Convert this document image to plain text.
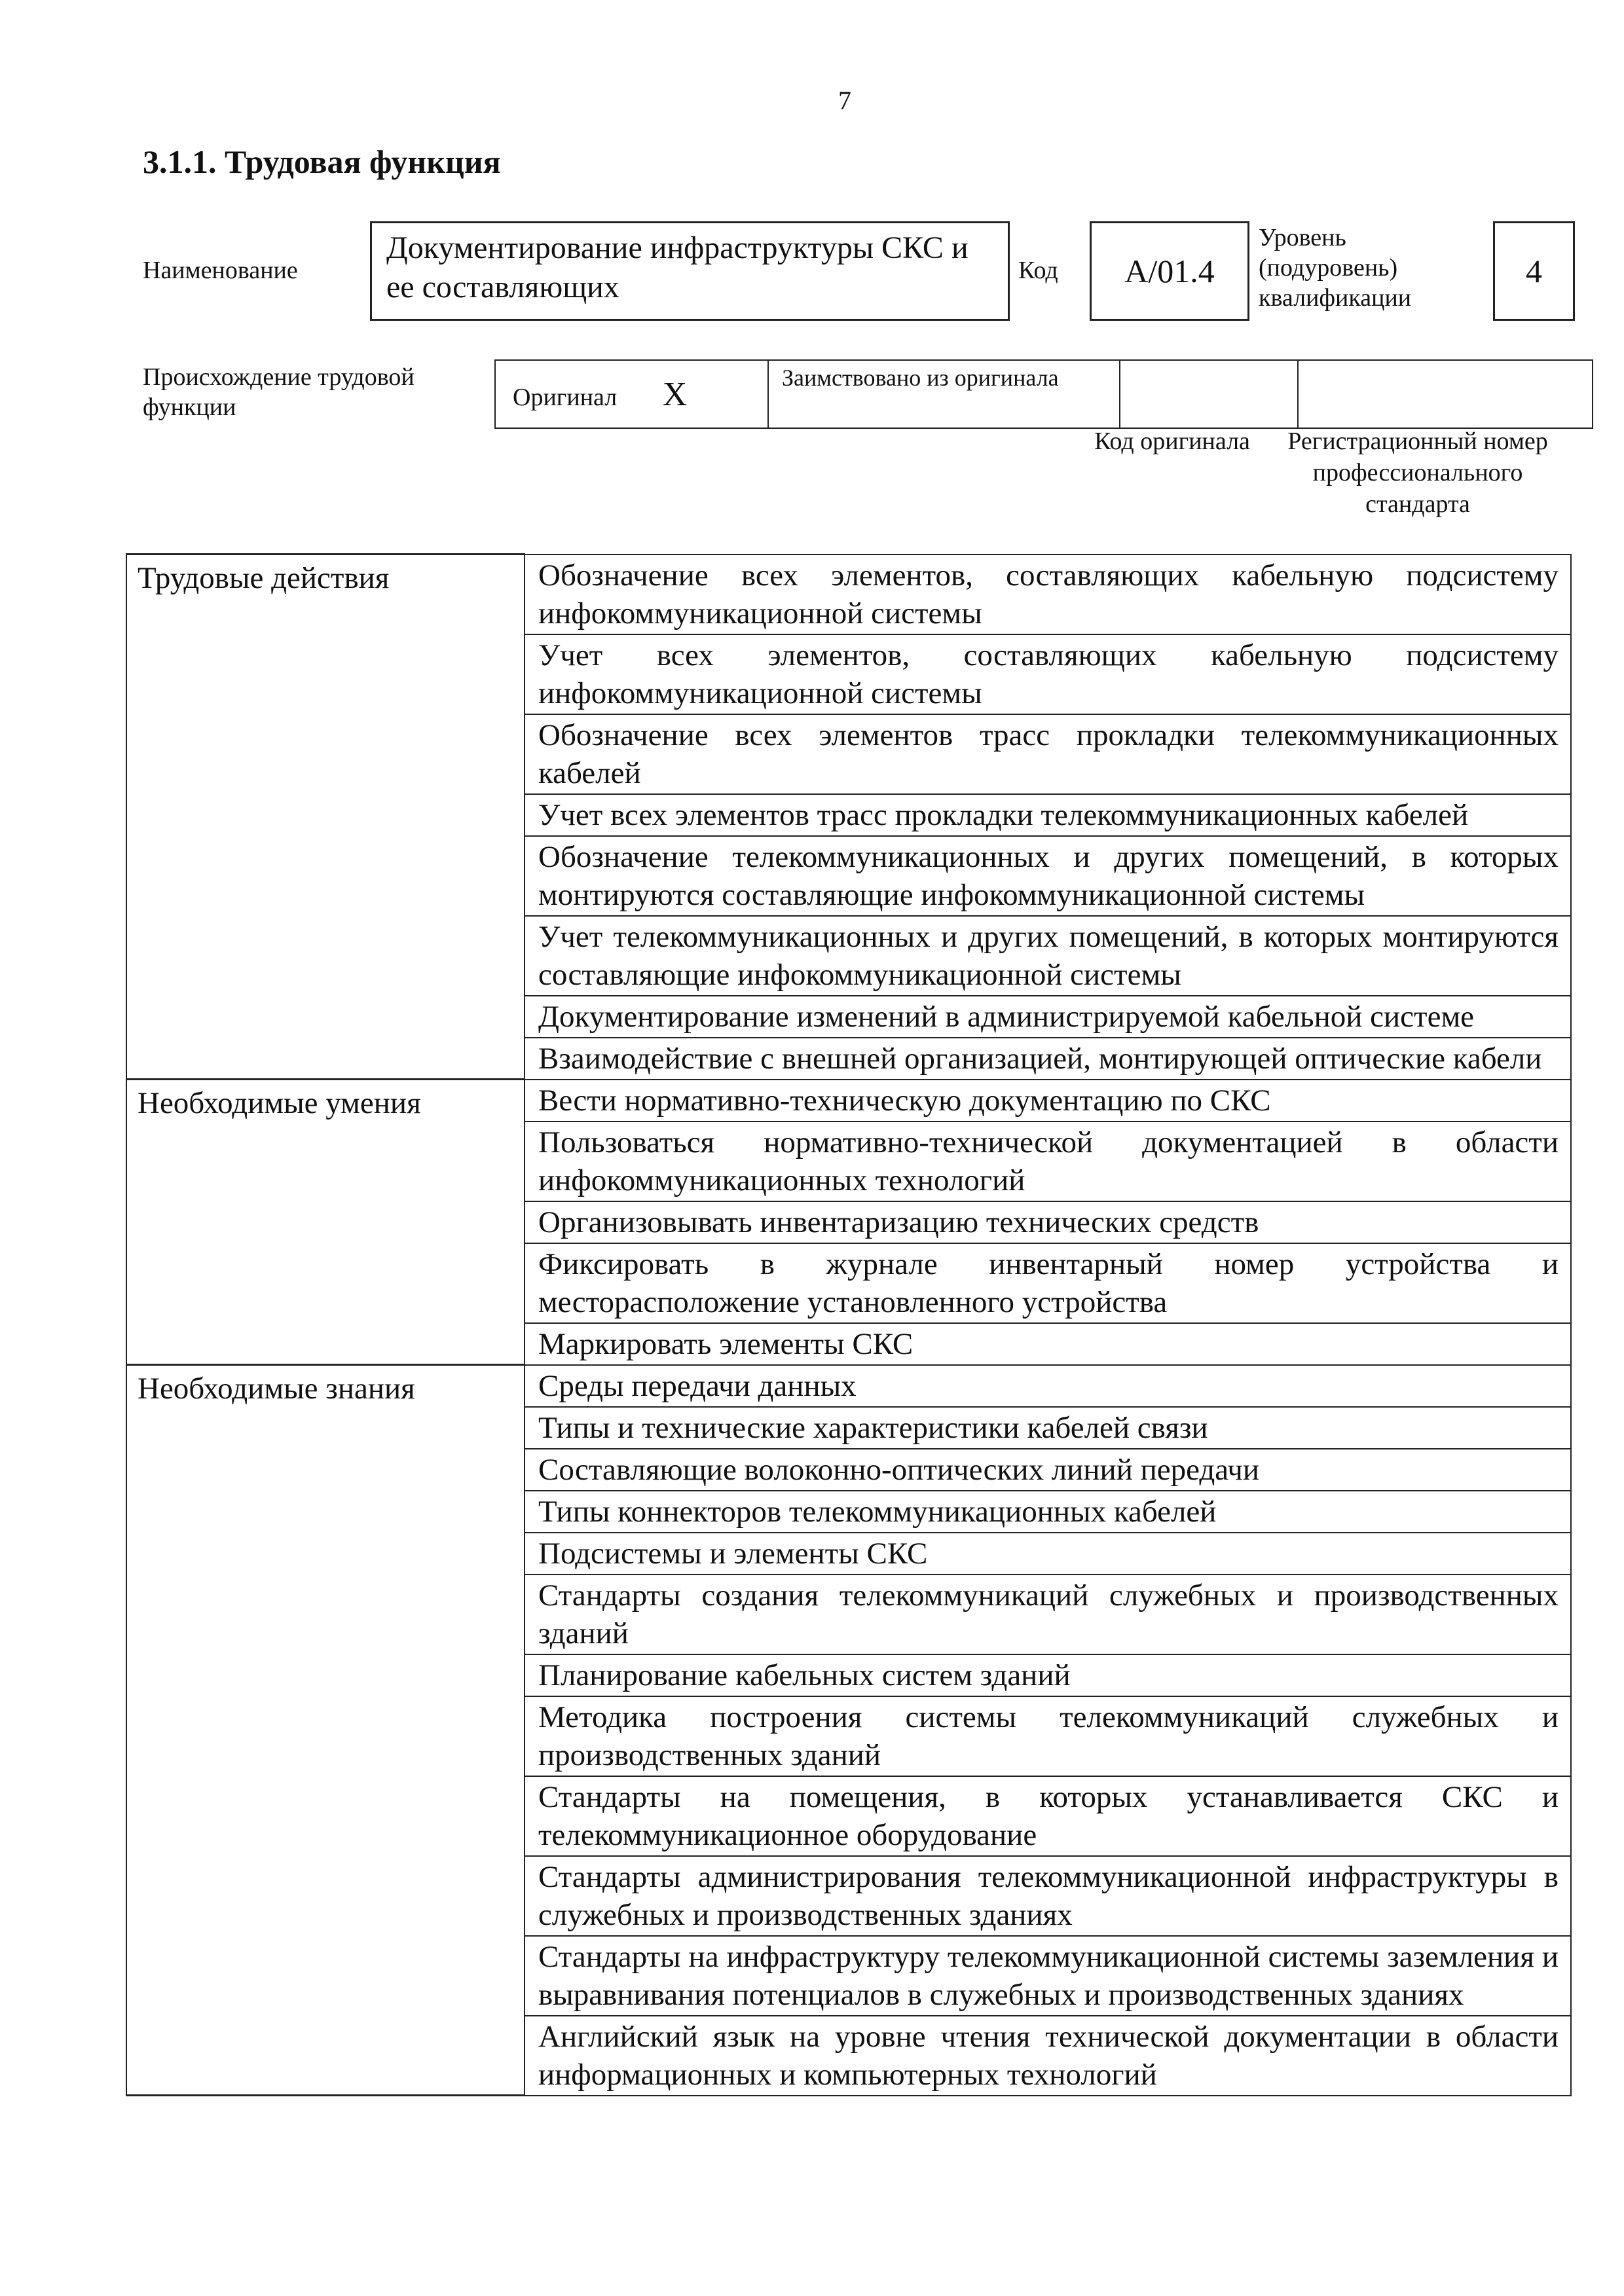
7
3.1.1. Трудовая функция
Наименование
Документирование инфраструктуры СКС и ее составляющих	Код	A/01.4
Уровень (подуровень) квалификации
4
Происхождение трудовой функции	Оригинал X	Заимствовано из оригинала		
Код оригинала	Регистрационный номер профессионального стандарта
Трудовые действия	Обозначение всех элементов, составляющих кабельную подсистему инфокоммуникационной системы
	Учет всех элементов, составляющих кабельную подсистему инфокоммуникационной системы
	Обозначение всех элементов трасс прокладки телекоммуникационных кабелей
	Учет всех элементов трасс прокладки телекоммуникационных кабелей
	Обозначение телекоммуникационных и других помещений, в которых монтируются составляющие инфокоммуникационной системы
	Учет телекоммуникационных и других помещений, в которых монтируются составляющие инфокоммуникационной системы
	Документирование изменений в администрируемой кабельной системе
	Взаимодействие с внешней организацией, монтирующей оптические кабели
Необходимые умения	Вести нормативно-техническую документацию по СКС
	Пользоваться нормативно-технической документацией в области инфокоммуникационных технологий
	Организовывать инвентаризацию технических средств
	Фиксировать в журнале инвентарный номер устройства и месторасположение установленного устройства
	Маркировать элементы СКС
Необходимые знания	Среды передачи данных
	Типы и технические характеристики кабелей связи
	Составляющие волоконно-оптических линий передачи
	Типы коннекторов телекоммуникационных кабелей
	Подсистемы и элементы СКС
	Стандарты создания телекоммуникаций служебных и производственных зданий
	Планирование кабельных систем зданий
	Методика построения системы телекоммуникаций служебных и производственных зданий
	Стандарты на помещения, в которых устанавливается СКС и телекоммуникационное оборудование
	Стандарты администрирования телекоммуникационной инфраструктуры в служебных и производственных зданиях
	Стандарты на инфраструктуру телекоммуникационной системы заземления и выравнивания потенциалов в служебных и производственных зданиях
	Английский язык на уровне чтения технической документации в области информационных и компьютерных технологий
